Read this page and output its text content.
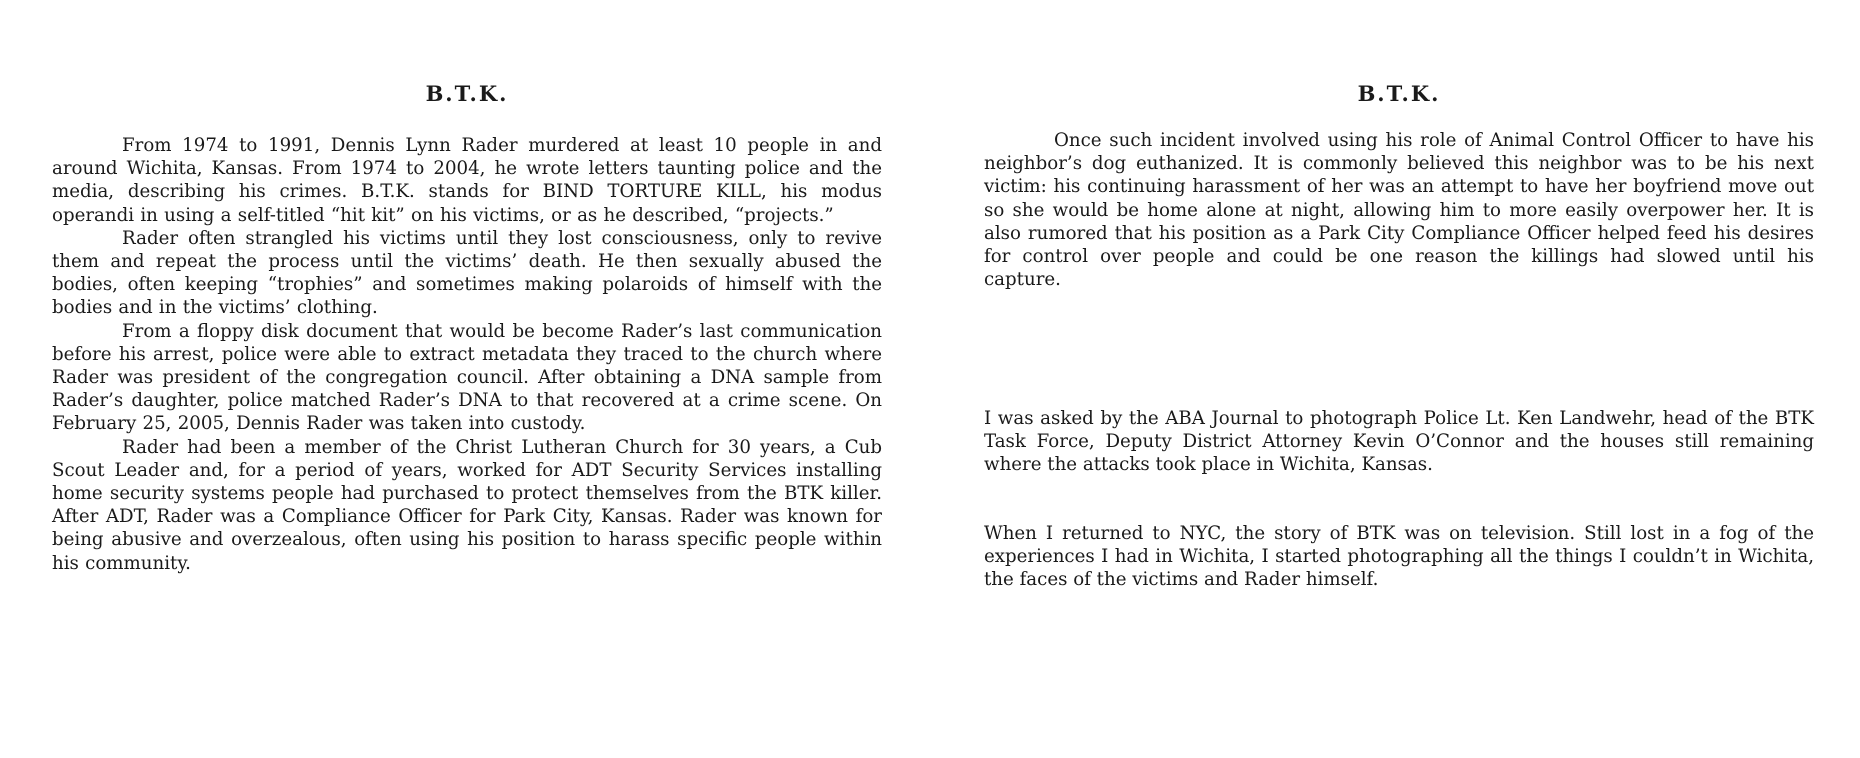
B.T.K.

From 1974 to 1991, Dennis Lynn Rader murdered at least 10 people in and around Wichita, Kansas. From 1974 to 2004, he wrote letters taunting police and the media, describing his crimes. B.T.K. stands for BIND TORTURE KILL, his modus operandi in using a self-titled “hit kit” on his victims, or as he described, “projects.”

Rader often strangled his victims until they lost consciousness, only to revive them and repeat the process until the victims’ death. He then sexually abused the bodies, often keeping “trophies” and sometimes making polaroids of himself with the bodies and in the victims’ clothing.

From a floppy disk document that would be become Rader’s last communication before his arrest, police were able to extract metadata they traced to the church where Rader was president of the congregation council. After obtaining a DNA sample from Rader’s daughter, police matched Rader’s DNA to that recovered at a crime scene. On February 25, 2005, Dennis Rader was taken into custody.

Rader had been a member of the Christ Lutheran Church for 30 years, a Cub Scout Leader and, for a period of years, worked for ADT Security Services installing home security systems people had purchased to protect themselves from the BTK killer. After ADT, Rader was a Compliance Officer for Park City, Kansas. Rader was known for being abusive and overzealous, often using his position to harass specific people within his community.

B.T.K.

Once such incident involved using his role of Animal Control Officer to have his neighbor’s dog euthanized. It is commonly believed this neighbor was to be his next victim: his continuing harassment of her was an attempt to have her boyfriend move out so she would be home alone at night, allowing him to more easily overpower her. It is also rumored that his position as a Park City Compliance Officer helped feed his desires for control over people and could be one reason the killings had slowed until his capture.

I was asked by the ABA Journal to photograph Police Lt. Ken Landwehr, head of the BTK Task Force, Deputy District Attorney Kevin O’Connor and the houses still remaining where the attacks took place in Wichita, Kansas.

When I returned to NYC, the story of BTK was on television. Still lost in a fog of the experiences I had in Wichita, I started photographing all the things I couldn’t in Wichita, the faces of the victims and Rader himself.
